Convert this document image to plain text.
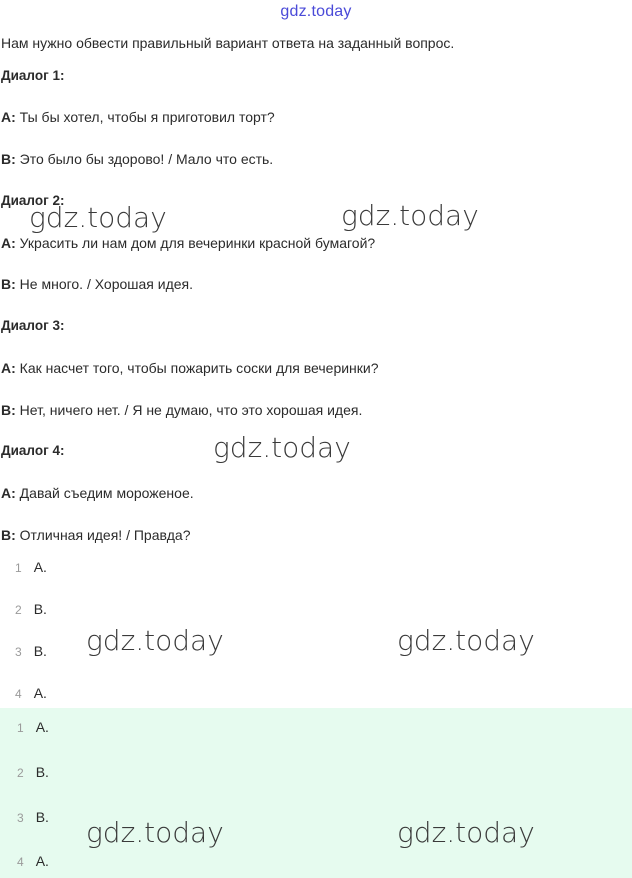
gdz.today
Нам нужно обвести правильный вариант ответа на заданный вопрос.
Диалог 1:
А: Ты бы хотел, чтобы я приготовил торт?
B: Это было бы здорово! / Мало что есть.
Диалог 2:
А: Украсить ли нам дом для вечеринки красной бумагой?
B: Не много. / Хорошая идея.
Диалог 3:
А: Как насчет того, чтобы пожарить соски для вечеринки?
B: Нет, ничего нет. / Я не думаю, что это хорошая идея.
Диалог 4:
А: Давай съедим мороженое.
B: Отличная идея! / Правда?
1 A.
2 B.
3 B.
4 A.
1 A.
2 B.
3 B.
4 A.
gdz.today	gdz.today
gdz.today
gdz.today	gdz.today
gdz.today	gdz.today
